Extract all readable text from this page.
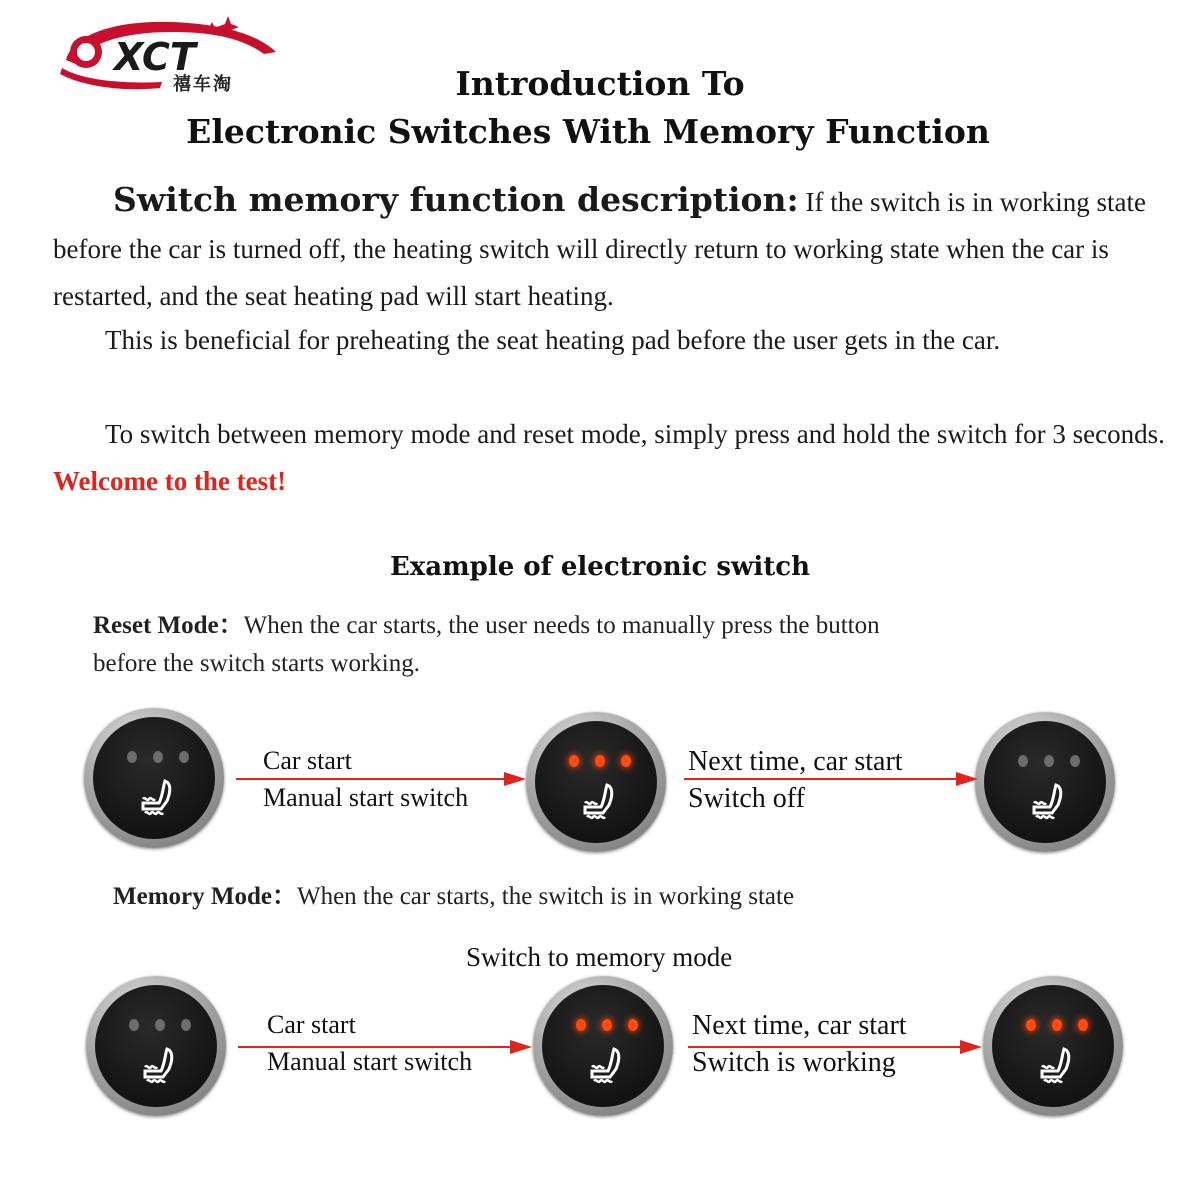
XCT
禧车淘	Introduction To
Electronic Switches With Memory Function
Switch memory function description: If the switch is in working state before the car is turned off, the heating switch will directly return to working state when the car is restarted, and the seat heating pad will start heating.
This is beneficial for preheating the seat heating pad before the user gets in the car.
To switch between memory mode and reset mode, simply press and hold the switch for 3 seconds. Welcome to the test!
Example of electronic switch
Reset Mode：When the car starts, the user needs to manually press the button before the switch starts working.
Car start
Manual start switch
Next time, car start
Switch off
Memory Mode：When the car starts, the switch is in working state
Switch to memory mode
Car start
Manual start switch
Next time, car start
Switch is working
